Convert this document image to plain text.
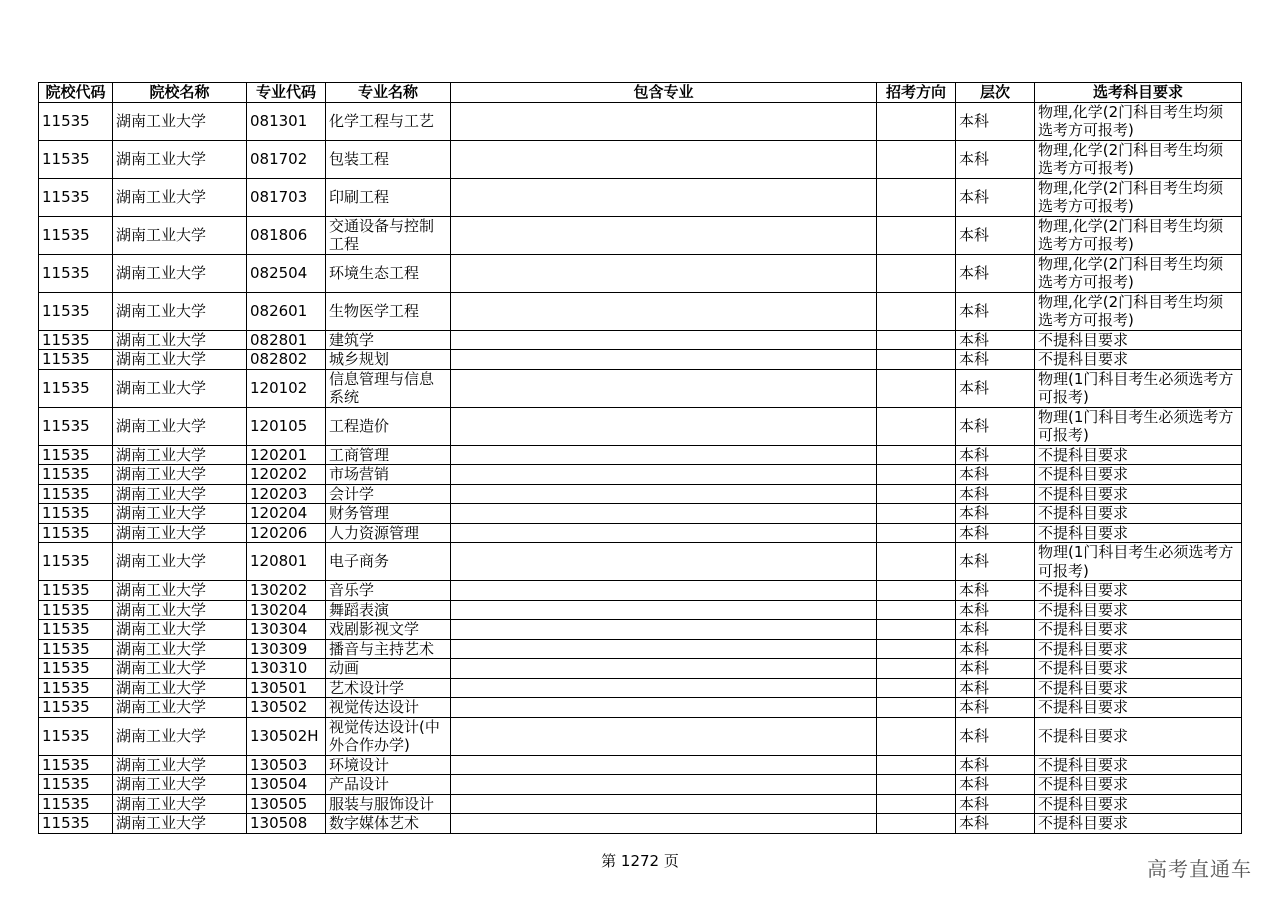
院校代码	院校名称	专业代码	专业名称	包含专业	招考方向	层次	选考科目要求
11535	湖南工业大学	081301	化学工程与工艺			本科	物理,化学(2门科目考生均须选考方可报考)
11535	湖南工业大学	081702	包装工程			本科	物理,化学(2门科目考生均须选考方可报考)
11535	湖南工业大学	081703	印刷工程			本科	物理,化学(2门科目考生均须选考方可报考)
11535	湖南工业大学	081806	交通设备与控制工程			本科	物理,化学(2门科目考生均须选考方可报考)
11535	湖南工业大学	082504	环境生态工程			本科	物理,化学(2门科目考生均须选考方可报考)
11535	湖南工业大学	082601	生物医学工程			本科	物理,化学(2门科目考生均须选考方可报考)
11535	湖南工业大学	082801	建筑学			本科	不提科目要求
11535	湖南工业大学	082802	城乡规划			本科	不提科目要求
11535	湖南工业大学	120102	信息管理与信息系统			本科	物理(1门科目考生必须选考方可报考)
11535	湖南工业大学	120105	工程造价			本科	物理(1门科目考生必须选考方可报考)
11535	湖南工业大学	120201	工商管理			本科	不提科目要求
11535	湖南工业大学	120202	市场营销			本科	不提科目要求
11535	湖南工业大学	120203	会计学			本科	不提科目要求
11535	湖南工业大学	120204	财务管理			本科	不提科目要求
11535	湖南工业大学	120206	人力资源管理			本科	不提科目要求
11535	湖南工业大学	120801	电子商务			本科	物理(1门科目考生必须选考方可报考)
11535	湖南工业大学	130202	音乐学			本科	不提科目要求
11535	湖南工业大学	130204	舞蹈表演			本科	不提科目要求
11535	湖南工业大学	130304	戏剧影视文学			本科	不提科目要求
11535	湖南工业大学	130309	播音与主持艺术			本科	不提科目要求
11535	湖南工业大学	130310	动画			本科	不提科目要求
11535	湖南工业大学	130501	艺术设计学			本科	不提科目要求
11535	湖南工业大学	130502	视觉传达设计			本科	不提科目要求
11535	湖南工业大学	130502H	视觉传达设计(中外合作办学)			本科	不提科目要求
11535	湖南工业大学	130503	环境设计			本科	不提科目要求
11535	湖南工业大学	130504	产品设计			本科	不提科目要求
11535	湖南工业大学	130505	服装与服饰设计			本科	不提科目要求
11535	湖南工业大学	130508	数字媒体艺术			本科	不提科目要求
第 1272 页	高考直通车
